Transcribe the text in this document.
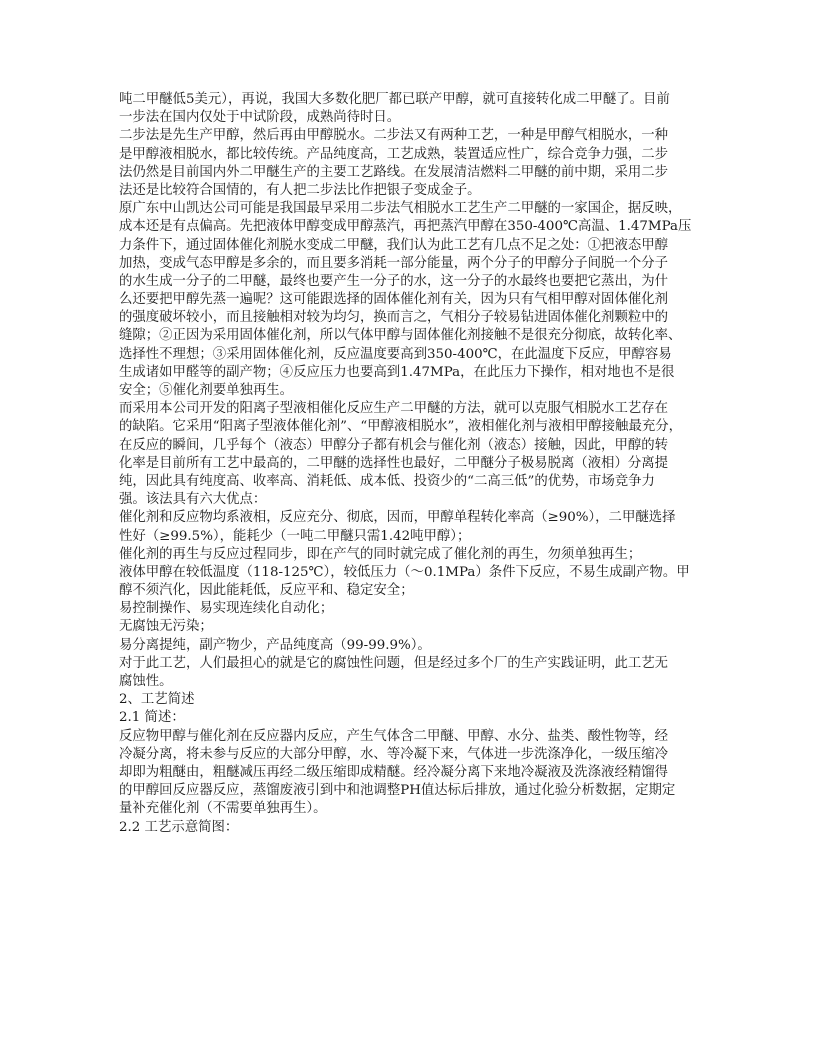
吨二甲醚低5美元），再说，我国大多数化肥厂都已联产甲醇，就可直接转化成二甲醚了。目前
一步法在国内仅处于中试阶段，成熟尚待时日。
二步法是先生产甲醇，然后再由甲醇脱水。二步法又有两种工艺，一种是甲醇气相脱水，一种
是甲醇液相脱水，都比较传统。产品纯度高，工艺成熟，装置适应性广，综合竞争力强，二步
法仍然是目前国内外二甲醚生产的主要工艺路线。在发展清洁燃料二甲醚的前中期，采用二步
法还是比较符合国情的，有人把二步法比作把银子变成金子。
原广东中山凯达公司可能是我国最早采用二步法气相脱水工艺生产二甲醚的一家国企，据反映，
成本还是有点偏高。先把液体甲醇变成甲醇蒸汽，再把蒸汽甲醇在350-400℃高温、1.47MPa压
力条件下，通过固体催化剂脱水变成二甲醚，我们认为此工艺有几点不足之处：①把液态甲醇
加热，变成气态甲醇是多余的，而且要多消耗一部分能量，两个分子的甲醇分子间脱一个分子
的水生成一分子的二甲醚，最终也要产生一分子的水，这一分子的水最终也要把它蒸出，为什
么还要把甲醇先蒸一遍呢？这可能跟选择的固体催化剂有关，因为只有气相甲醇对固体催化剂
的强度破坏较小，而且接触相对较为均匀，换而言之，气相分子较易钻进固体催化剂颗粒中的
缝隙；②正因为采用固体催化剂，所以气体甲醇与固体催化剂接触不是很充分彻底，故转化率、
选择性不理想；③采用固体催化剂，反应温度要高到350-400℃，在此温度下反应，甲醇容易
生成诸如甲醛等的副产物；④反应压力也要高到1.47MPa，在此压力下操作，相对地也不是很
安全；⑤催化剂要单独再生。
而采用本公司开发的阳离子型液相催化反应生产二甲醚的方法，就可以克服气相脱水工艺存在
的缺陷。它采用“阳离子型液体催化剂”、“甲醇液相脱水”，液相催化剂与液相甲醇接触最充分，
在反应的瞬间，几乎每个（液态）甲醇分子都有机会与催化剂（液态）接触，因此，甲醇的转
化率是目前所有工艺中最高的，二甲醚的选择性也最好，二甲醚分子极易脱离（液相）分离提
纯，因此具有纯度高、收率高、消耗低、成本低、投资少的“二高三低”的优势，市场竞争力
强。该法具有六大优点：
催化剂和反应物均系液相，反应充分、彻底，因而，甲醇单程转化率高（≥90%），二甲醚选择
性好（≥99.5%），能耗少（一吨二甲醚只需1.42吨甲醇）；
催化剂的再生与反应过程同步，即在产气的同时就完成了催化剂的再生，勿须单独再生；
液体甲醇在较低温度（118-125℃），较低压力（～0.1MPa）条件下反应，不易生成副产物。甲
醇不须汽化，因此能耗低，反应平和、稳定安全；
易控制操作、易实现连续化自动化；
无腐蚀无污染；
易分离提纯，副产物少，产品纯度高（99-99.9%）。
对于此工艺，人们最担心的就是它的腐蚀性问题，但是经过多个厂的生产实践证明，此工艺无
腐蚀性。
2、工艺简述
2.1 简述：
反应物甲醇与催化剂在反应器内反应，产生气体含二甲醚、甲醇、水分、盐类、酸性物等，经
冷凝分离，将未参与反应的大部分甲醇，水、等冷凝下来，气体进一步洗涤净化，一级压缩冷
却即为粗醚由，粗醚减压再经二级压缩即成精醚。经冷凝分离下来地冷凝液及洗涤液经精馏得
的甲醇回反应器反应，蒸馏废液引到中和池调整PH值达标后排放，通过化验分析数据，定期定
量补充催化剂（不需要单独再生）。
2.2 工艺示意简图：
